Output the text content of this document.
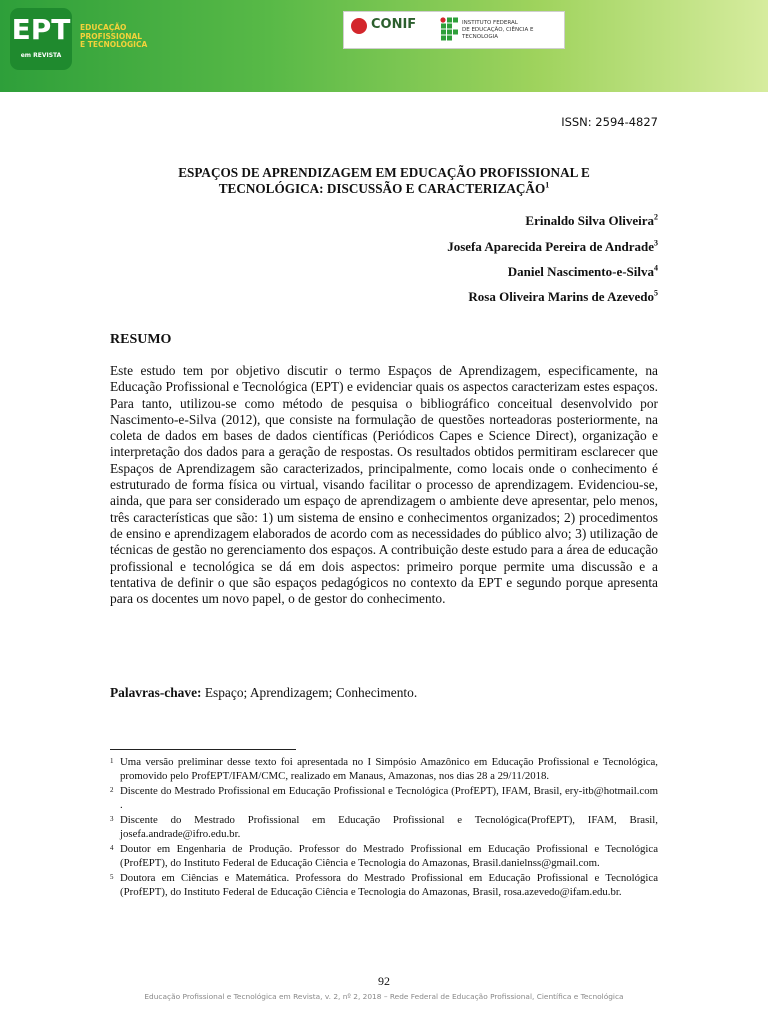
EPT
em REVISTA
EDUCAÇÃO
PROFISSIONAL
E TECNOLÓGICA
CONIF	INSTITUTO FEDERAL
DE EDUCAÇÃO, CIÊNCIA E TECNOLOGIA
ISSN: 2594-4827
ESPAÇOS DE APRENDIZAGEM EM EDUCAÇÃO PROFISSIONAL E
TECNOLÓGICA: DISCUSSÃO E CARACTERIZAÇÃO$^1$
Erinaldo Silva Oliveira$^2$
Josefa Aparecida Pereira de Andrade$^3$
Daniel Nascimento-e-Silva$^4$
Rosa Oliveira Marins de Azevedo$^5$
RESUMO

Este estudo tem por objetivo discutir o termo Espaços de Aprendizagem, especificamente, na Educação Profissional e Tecnológica (EPT) e evidenciar quais os aspectos caracterizam estes espaços. Para tanto, utilizou-se como método de pesquisa o bibliográfico conceitual desenvolvido por Nascimento-e-Silva (2012), que consiste na formulação de questões norteadoras posteriormente, na coleta de dados em bases de dados científicas (Periódicos Capes e Science Direct), organização e interpretação dos dados para a geração de respostas. Os resultados obtidos permitiram esclarecer que Espaços de Aprendizagem são caracterizados, principalmente, como locais onde o conhecimento é estruturado de forma física ou virtual, visando facilitar o processo de aprendizagem. Evidenciou-se, ainda, que para ser considerado um espaço de aprendizagem o ambiente deve apresentar, pelo menos, três características que são: 1) um sistema de ensino e conhecimentos organizados; 2) procedimentos de ensino e aprendizagem elaborados de acordo com as necessidades do público alvo; 3) utilização de técnicas de gestão no gerenciamento dos espaços. A contribuição deste estudo para a área de educação profissional e tecnológica se dá em dois aspectos: primeiro porque permite uma discussão e a tentativa de definir o que são espaços pedagógicos no contexto da EPT e segundo porque apresenta para os docentes um novo papel, o de gestor do conhecimento.

Palavras-chave: Espaço; Aprendizagem; Conhecimento.
1 Uma versão preliminar desse texto foi apresentada no I Simpósio Amazônico em Educação Profissional e Tecnológica, promovido pelo ProfEPT/IFAM/CMC, realizado em Manaus, Amazonas, nos dias 28 a 29/11/2018.
2 Discente do Mestrado Profissional em Educação Profissional e Tecnológica (ProfEPT), IFAM, Brasil, ery-itb@hotmail.com .
3 Discente do Mestrado Profissional em Educação Profissional e Tecnológica(ProfEPT), IFAM, Brasil, josefa.andrade@ifro.edu.br.
4 Doutor em Engenharia de Produção. Professor do Mestrado Profissional em Educação Profissional e Tecnológica (ProfEPT), do Instituto Federal de Educação Ciência e Tecnologia do Amazonas, Brasil.danielnss@gmail.com.
5 Doutora em Ciências e Matemática. Professora do Mestrado Profissional em Educação Profissional e Tecnológica (ProfEPT), do Instituto Federal de Educação Ciência e Tecnologia do Amazonas, Brasil, rosa.azevedo@ifam.edu.br.
92
Educação Profissional e Tecnológica em Revista, v. 2, nº 2, 2018 – Rede Federal de Educação Profissional, Científica e Tecnológica
